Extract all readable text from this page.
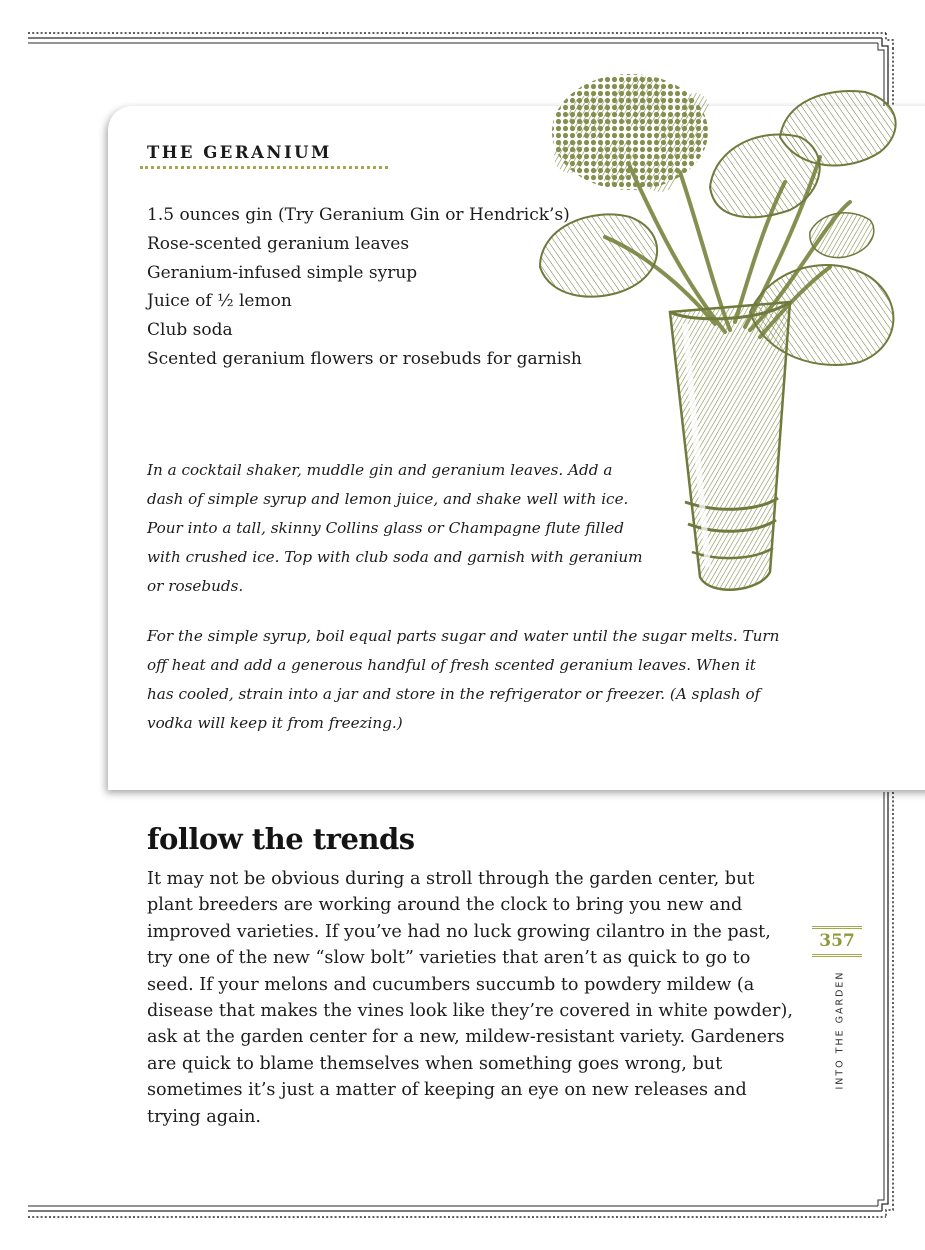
THE GERANIUM
1.5 ounces gin (Try Geranium Gin or Hendrick’s)
Rose-scented geranium leaves
Geranium-infused simple syrup
Juice of ½ lemon
Club soda
Scented geranium flowers or rosebuds for garnish

In a cocktail shaker, muddle gin and geranium leaves. Add a dash of simple syrup and lemon juice, and shake well with ice. Pour into a tall, skinny Collins glass or Champagne flute filled with crushed ice. Top with club soda and garnish with geranium or rosebuds.

For the simple syrup, boil equal parts sugar and water until the sugar melts. Turn off heat and add a generous handful of fresh scented geranium leaves. When it has cooled, strain into a jar and store in the refrigerator or freezer. (A splash of vodka will keep it from freezing.)

follow the trends

It may not be obvious during a stroll through the garden center, but plant breeders are working around the clock to bring you new and improved varieties. If you’ve had no luck growing cilantro in the past, try one of the new “slow bolt” varieties that aren’t as quick to go to seed. If your melons and cucumbers succumb to powdery mildew (a disease that makes the vines look like they’re covered in white powder), ask at the garden center for a new, mildew-resistant variety. Gardeners are quick to blame themselves when something goes wrong, but sometimes it’s just a matter of keeping an eye on new releases and trying again.

357
INTO THE GARDEN
